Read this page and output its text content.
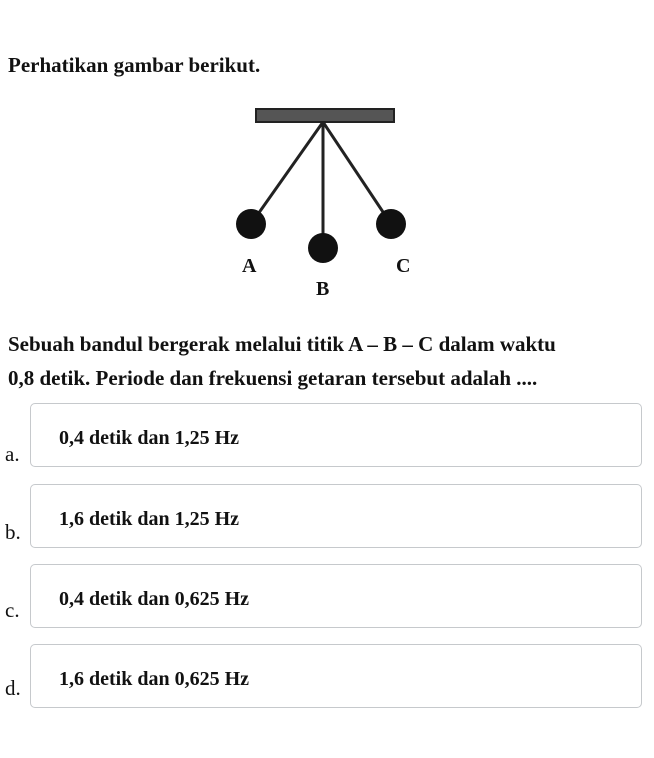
Perhatikan gambar berikut.
A
B
C
Sebuah bandul bergerak melalui titik A – B – C dalam waktu
0,8 detik. Periode dan frekuensi getaran tersebut adalah ....
a.
0,4 detik dan 1,25 Hz
b.
1,6 detik dan 1,25 Hz
c. 0,4 detik dan 0,625 Hz
d. 1,6 detik dan 0,625 Hz
